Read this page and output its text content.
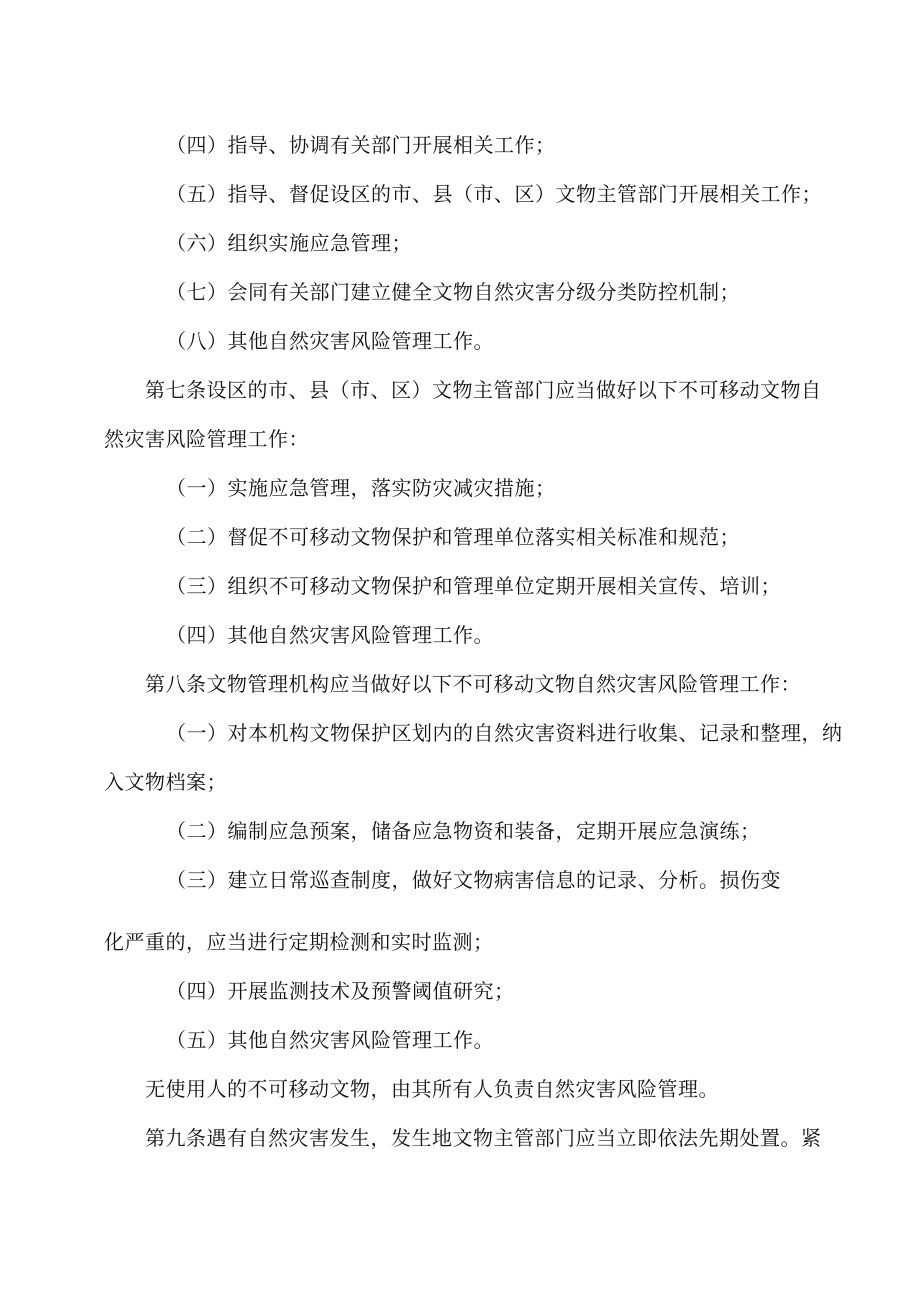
（四）指导、协调有关部门开展相关工作；

（五）指导、督促设区的市、县（市、区）文物主管部门开展相关工作；

（六）组织实施应急管理；

（七）会同有关部门建立健全文物自然灾害分级分类防控机制；

（八）其他自然灾害风险管理工作。

第七条设区的市、县（市、区）文物主管部门应当做好以下不可移动文物自

然灾害风险管理工作：

（一）实施应急管理，落实防灾减灾措施；

（二）督促不可移动文物保护和管理单位落实相关标准和规范；

（三）组织不可移动文物保护和管理单位定期开展相关宣传、培训；

（四）其他自然灾害风险管理工作。

第八条文物管理机构应当做好以下不可移动文物自然灾害风险管理工作：

（一）对本机构文物保护区划内的自然灾害资料进行收集、记录和整理，纳

入文物档案；

（二）编制应急预案，储备应急物资和装备，定期开展应急演练；

（三）建立日常巡查制度，做好文物病害信息的记录、分析。损伤变

化严重的，应当进行定期检测和实时监测；

（四）开展监测技术及预警阈值研究；

（五）其他自然灾害风险管理工作。

无使用人的不可移动文物，由其所有人负责自然灾害风险管理。

第九条遇有自然灾害发生，发生地文物主管部门应当立即依法先期处置。紧
